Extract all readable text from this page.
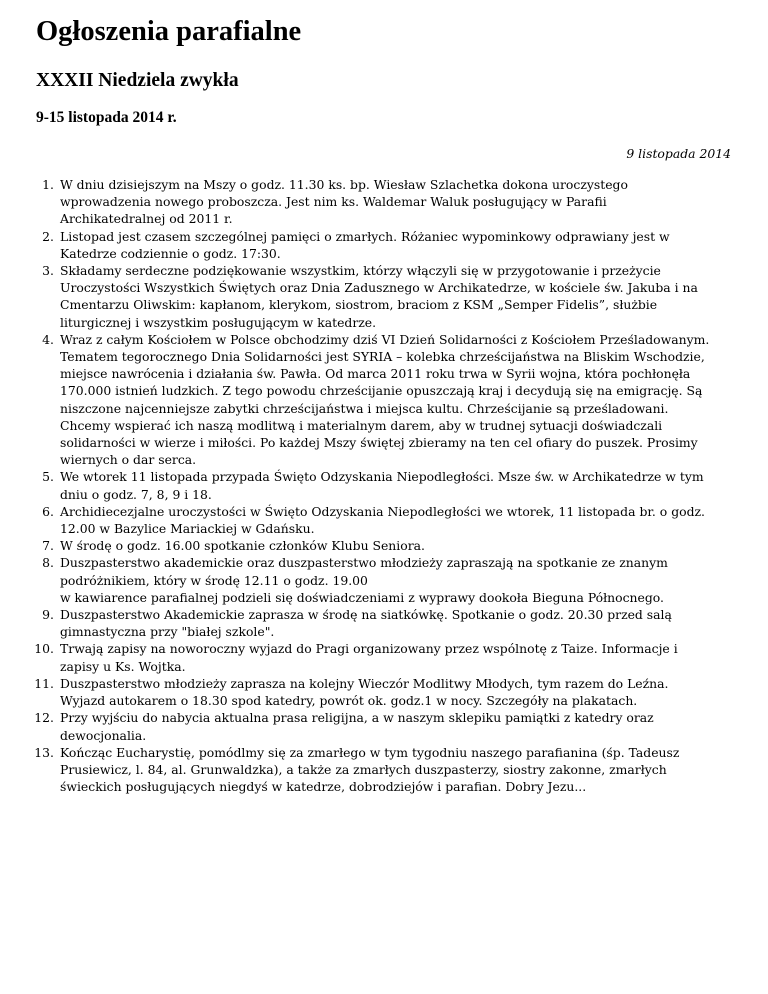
Ogłoszenia parafialne
XXXII Niedziela zwykła
9-15 listopada 2014 r.
9 listopada 2014
1. W dniu dzisiejszym na Mszy o godz. 11.30 ks. bp. Wiesław Szlachetka dokona uroczystego
wprowadzenia nowego proboszcza. Jest nim ks. Waldemar Waluk posługujący w Parafii
Archikatedralnej od 2011 r.
2. Listopad jest czasem szczególnej pamięci o zmarłych. Różaniec wypominkowy odprawiany jest w
Katedrze codziennie o godz. 17:30.
3. Składamy serdeczne podziękowanie wszystkim, którzy włączyli się w przygotowanie i przeżycie
Uroczystości Wszystkich Świętych oraz Dnia Zadusznego w Archikatedrze, w kościele św. Jakuba i na
Cmentarzu Oliwskim: kapłanom, klerykom, siostrom, braciom z KSM „Semper Fidelis”, służbie
liturgicznej i wszystkim posługującym w katedrze.
4. Wraz z całym Kościołem w Polsce obchodzimy dziś VI Dzień Solidarności z Kościołem Prześladowanym.
Tematem tegorocznego Dnia Solidarności jest SYRIA – kolebka chrześcijaństwa na Bliskim Wschodzie,
miejsce nawrócenia i działania św. Pawła. Od marca 2011 roku trwa w Syrii wojna, która pochłonęła
170.000 istnień ludzkich. Z tego powodu chrześcijanie opuszczają kraj i decydują się na emigrację. Są
niszczone najcenniejsze zabytki chrześcijaństwa i miejsca kultu. Chrześcijanie są prześladowani.
Chcemy wspierać ich naszą modlitwą i materialnym darem, aby w trudnej sytuacji doświadczali
solidarności w wierze i miłości. Po każdej Mszy świętej zbieramy na ten cel ofiary do puszek. Prosimy
wiernych o dar serca.
5. We wtorek 11 listopada przypada Święto Odzyskania Niepodległości. Msze św. w Archikatedrze w tym
dniu o godz. 7, 8, 9 i 18.
6. Archidiecezjalne uroczystości w Święto Odzyskania Niepodległości we wtorek, 11 listopada br. o godz.
12.00 w Bazylice Mariackiej w Gdańsku.
7. W środę o godz. 16.00 spotkanie członków Klubu Seniora.
8. Duszpasterstwo akademickie oraz duszpasterstwo młodzieży zapraszają na spotkanie ze znanym
podróżnikiem, który w środę 12.11 o godz. 19.00
w kawiarence parafialnej podzieli się doświadczeniami z wyprawy dookoła Bieguna Północnego.
9. Duszpasterstwo Akademickie zaprasza w środę na siatkówkę. Spotkanie o godz. 20.30 przed salą
gimnastyczna przy "białej szkole".
10. Trwają zapisy na noworoczny wyjazd do Pragi organizowany przez wspólnotę z Taize. Informacje i
zapisy u Ks. Wojtka.
11. Duszpasterstwo młodzieży zaprasza na kolejny Wieczór Modlitwy Młodych, tym razem do Leźna.
Wyjazd autokarem o 18.30 spod katedry, powrót ok. godz.1 w nocy. Szczegóły na plakatach.
12. Przy wyjściu do nabycia aktualna prasa religijna, a w naszym sklepiku pamiątki z katedry oraz
dewocjonalia.
13. Kończąc Eucharystię, pomódlmy się za zmarłego w tym tygodniu naszego parafianina (śp. Tadeusz
Prusiewicz, l. 84, al. Grunwaldzka), a także za zmarłych duszpasterzy, siostry zakonne, zmarłych
świeckich posługujących niegdyś w katedrze, dobrodziejów i parafian. Dobry Jezu...
